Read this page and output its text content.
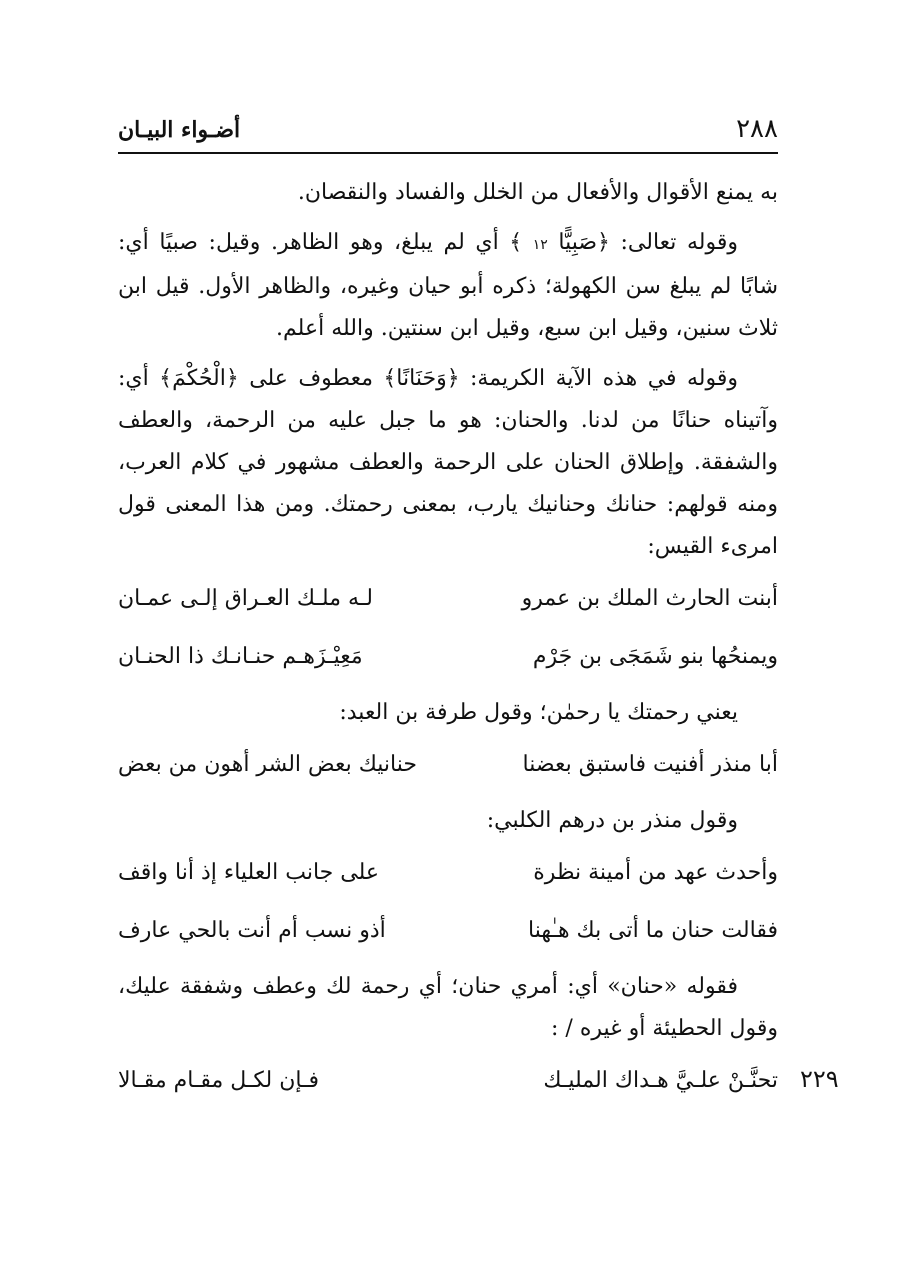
٢٨٨
أضـواء البيـان
٢٢٩

به يمنع الأقوال والأفعال من الخلل والفساد والنقصان.

وقوله تعالى: ﴿صَبِيًّا ١٢ ﴾ أي لم يبلغ، وهو الظاهر. وقيل: صبيًا أي: شابًا لم يبلغ سن الكهولة؛ ذكره أبو حيان وغيره، والظاهر الأول. قيل ابن ثلاث سنين، وقيل ابن سبع، وقيل ابن سنتين. والله أعلم.

وقوله في هذه الآية الكريمة: ﴿وَحَنَانًا﴾ معطوف على ﴿الْحُكْمَ﴾ أي: وآتيناه حنانًا من لدنا. والحنان: هو ما جبل عليه من الرحمة، والعطف والشفقة. وإطلاق الحنان على الرحمة والعطف مشهور في كلام العرب، ومنه قولهم: حنانك وحنانيك يارب، بمعنى رحمتك. ومن هذا المعنى قول امرىء القيس:

أبنت الحارث الملك بن عمرو
لـه ملـك العـراق إلـى عمـان
ويمنحُها بنو شَمَجَى بن جَرْم
مَعِيْـزَهـم حنـانـك ذا الحنـان

يعني رحمتك يا رحمٰن؛ وقول طرفة بن العبد:

أبا منذر أفنيت فاستبق بعضنا
حنانيك بعض الشر أهون من بعض

وقول منذر بن درهم الكلبي:

وأحدث عهد من أمينة نظرة
على جانب العلياء إذ أنا واقف
فقالت حنان ما أتى بك هـٰهنا
أذو نسب أم أنت بالحي عارف

فقوله «حنان» أي: أمري حنان؛ أي رحمة لك وعطف وشفقة عليك، وقول الحطيئة أو غيره / :

تحنَّـنْ علـيَّ هـداك المليـك
فـإن لكـل مقـام مقـالا
